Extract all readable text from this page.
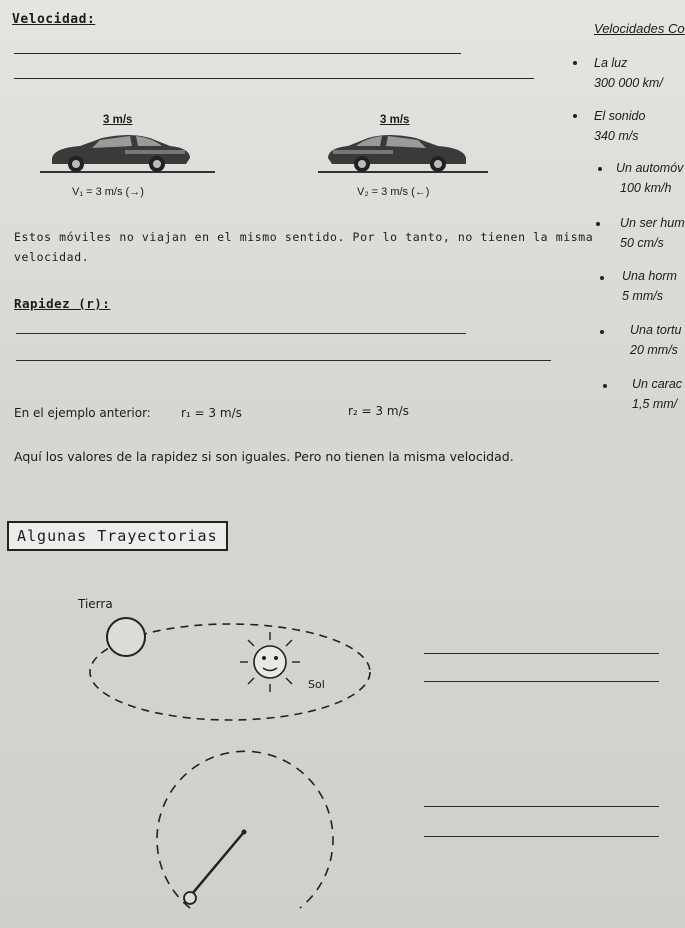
Velocidad:
3 m/s
V₁ = 3 m/s (→)
3 m/s
V₂ = 3 m/s (←)
Estos móviles no viajan en el mismo sentido. Por lo tanto, no tienen la misma
velocidad.
Rapidez (r):
En el ejemplo anterior:	r₁ = 3 m/s	r₂ = 3 m/s
Aquí los valores de la rapidez si son iguales. Pero no tienen la misma velocidad.
Algunas Trayectorias
Tierra
Sol
Velocidades Co
La luz
300 000 km/
El sonido
340 m/s
Un automóv
100 km/h
Un ser hum
50 cm/s
Una horm
5 mm/s
Una tortu
20 mm/s
Un carac
1,5 mm/
